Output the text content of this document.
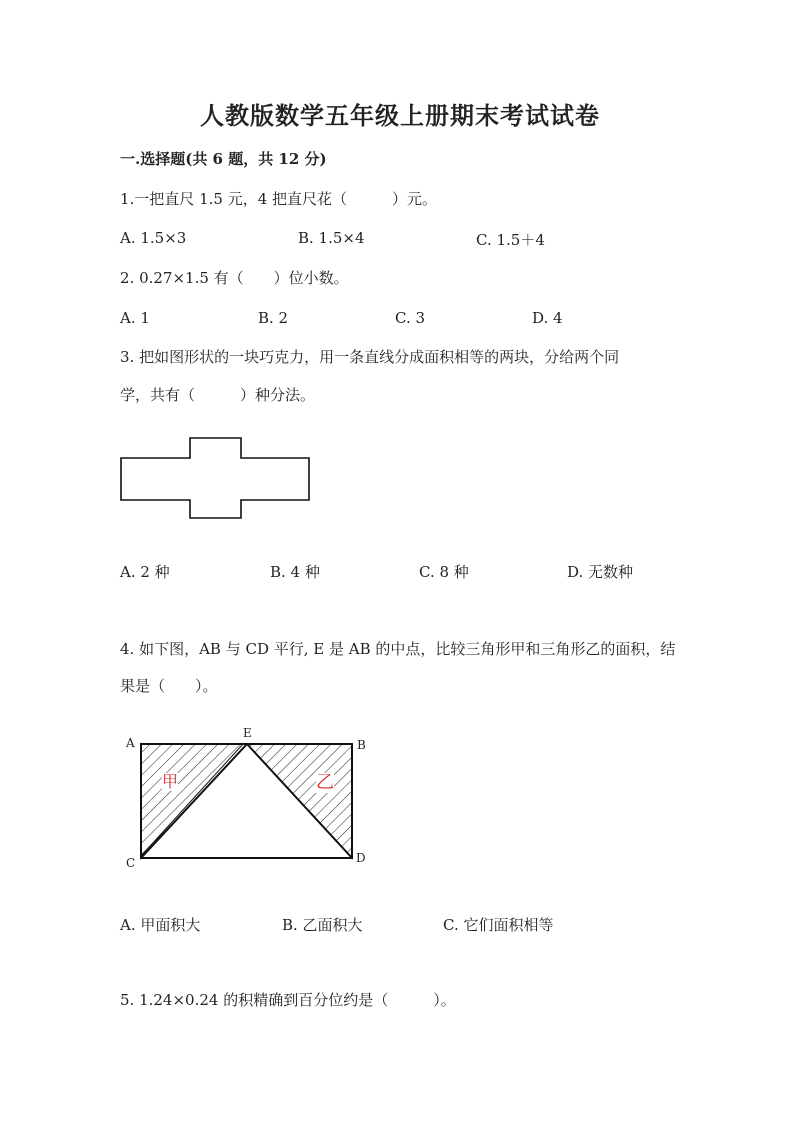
人教版数学五年级上册期末考试试卷
一.选择题(共 6 题，共 12 分)
1.一把直尺 1.5 元，4 把直尺花（　　　）元。
A. 1.5×3	B. 1.5×4	C. 1.5＋4
2. 0.27×1.5 有（　　）位小数。
A. 1	B. 2	C. 3	D. 4
3. 把如图形状的一块巧克力，用一条直线分成面积相等的两块，分给两个同
学，共有（　　　）种分法。
A. 2 种	B. 4 种	C. 8 种	D. 无数种
4. 如下图，AB 与 CD 平行, E 是 AB 的中点，比较三角形甲和三角形乙的面积，结
果是（　　）。
A
E
B
C	D
甲	乙
A. 甲面积大	B. 乙面积大	C. 它们面积相等
5. 1.24×0.24 的积精确到百分位约是（　　　）。
